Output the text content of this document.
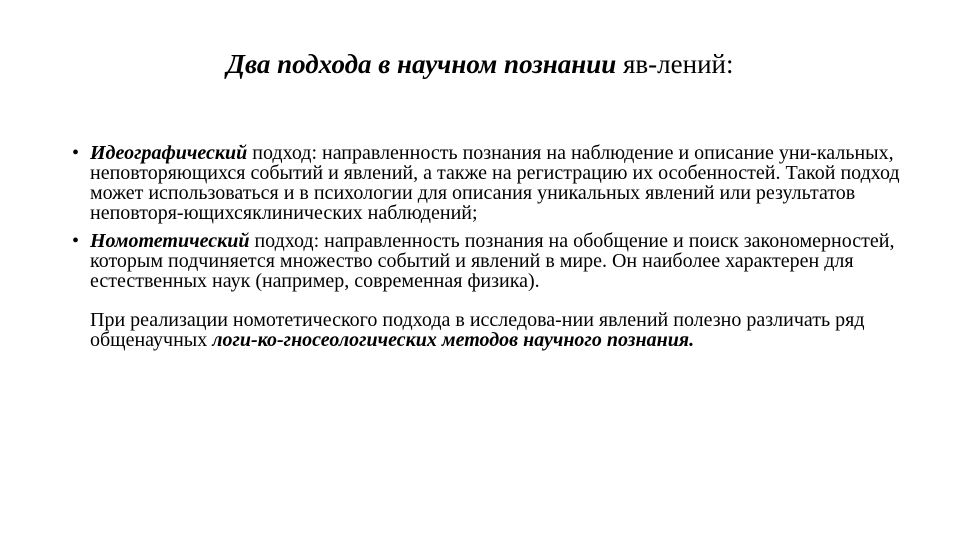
Два подхода в научном познании яв-лений:
• Идеографический подход: направленность познания на наблюдение и описание уни-кальных, неповторяющихся событий и явлений, а также на регистрацию их особенностей. Такой подход может использоваться и в психологии для описания уникальных явлений или результатов неповторя-ющихсяклинических наблюдений;
• Номотетический подход: направленность познания на обобщение и поиск закономерностей, которым подчиняется множество событий и явлений в мире. Он наиболее характерен для естественных наук (например, современная физика).
При реализации номотетического подхода в исследова-нии явлений полезно различать ряд общенаучных логи-ко-гносеологических методов научного познания.
